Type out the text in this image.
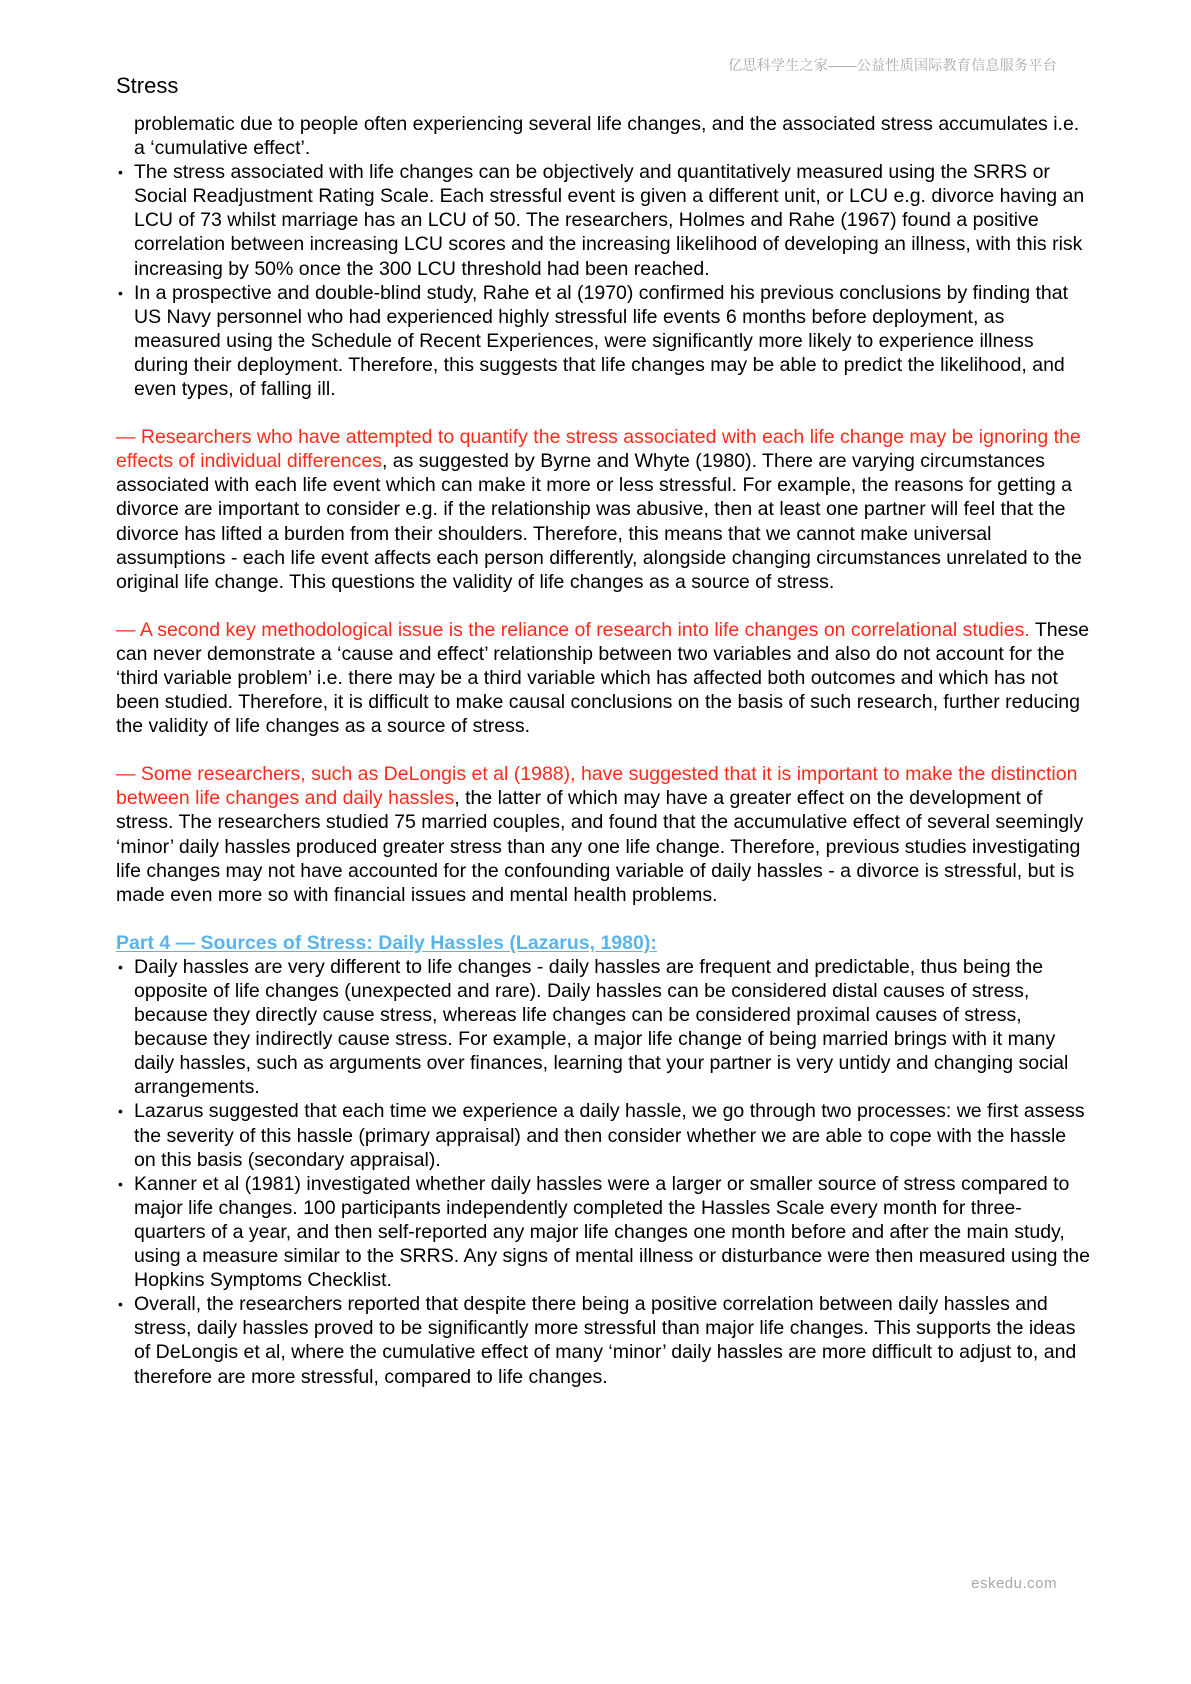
亿思科学生之家——公益性质国际教育信息服务平台
Stress
problematic due to people often experiencing several life changes, and the associated stress accumulates i.e. a ‘cumulative effect’.
• The stress associated with life changes can be objectively and quantitatively measured using the SRRS or Social Readjustment Rating Scale. Each stressful event is given a different unit, or LCU e.g. divorce having an LCU of 73 whilst marriage has an LCU of 50. The researchers, Holmes and Rahe (1967) found a positive correlation between increasing LCU scores and the increasing likelihood of developing an illness, with this risk increasing by 50% once the 300 LCU threshold had been reached.
• In a prospective and double-blind study, Rahe et al (1970) confirmed his previous conclusions by finding that US Navy personnel who had experienced highly stressful life events 6 months before deployment, as measured using the Schedule of Recent Experiences, were significantly more likely to experience illness during their deployment. Therefore, this suggests that life changes may be able to predict the likelihood, and even types, of falling ill.

— Researchers who have attempted to quantify the stress associated with each life change may be ignoring the effects of individual differences, as suggested by Byrne and Whyte (1980). There are varying circumstances associated with each life event which can make it more or less stressful. For example, the reasons for getting a divorce are important to consider e.g. if the relationship was abusive, then at least one partner will feel that the divorce has lifted a burden from their shoulders. Therefore, this means that we cannot make universal assumptions - each life event affects each person differently, alongside changing circumstances unrelated to the original life change. This questions the validity of life changes as a source of stress.

— A second key methodological issue is the reliance of research into life changes on correlational studies. These can never demonstrate a ‘cause and effect’ relationship between two variables and also do not account for the ‘third variable problem’ i.e. there may be a third variable which has affected both outcomes and which has not been studied. Therefore, it is difficult to make causal conclusions on the basis of such research, further reducing the validity of life changes as a source of stress.

— Some researchers, such as DeLongis et al (1988), have suggested that it is important to make the distinction between life changes and daily hassles, the latter of which may have a greater effect on the development of stress. The researchers studied 75 married couples, and found that the accumulative effect of several seemingly ‘minor’ daily hassles produced greater stress than any one life change. Therefore, previous studies investigating life changes may not have accounted for the confounding variable of daily hassles - a divorce is stressful, but is made even more so with financial issues and mental health problems.

Part 4 — Sources of Stress: Daily Hassles (Lazarus, 1980):
• Daily hassles are very different to life changes - daily hassles are frequent and predictable, thus being the opposite of life changes (unexpected and rare). Daily hassles can be considered distal causes of stress, because they directly cause stress, whereas life changes can be considered proximal causes of stress, because they indirectly cause stress. For example, a major life change of being married brings with it many daily hassles, such as arguments over finances, learning that your partner is very untidy and changing social arrangements.
• Lazarus suggested that each time we experience a daily hassle, we go through two processes: we first assess the severity of this hassle (primary appraisal) and then consider whether we are able to cope with the hassle on this basis (secondary appraisal).
• Kanner et al (1981) investigated whether daily hassles were a larger or smaller source of stress compared to major life changes. 100 participants independently completed the Hassles Scale every month for three-quarters of a year, and then self-reported any major life changes one month before and after the main study, using a measure similar to the SRRS. Any signs of mental illness or disturbance were then measured using the Hopkins Symptoms Checklist.
• Overall, the researchers reported that despite there being a positive correlation between daily hassles and stress, daily hassles proved to be significantly more stressful than major life changes. This supports the ideas of DeLongis et al, where the cumulative effect of many ‘minor’ daily hassles are more difficult to adjust to, and therefore are more stressful, compared to life changes.
eskedu.com
